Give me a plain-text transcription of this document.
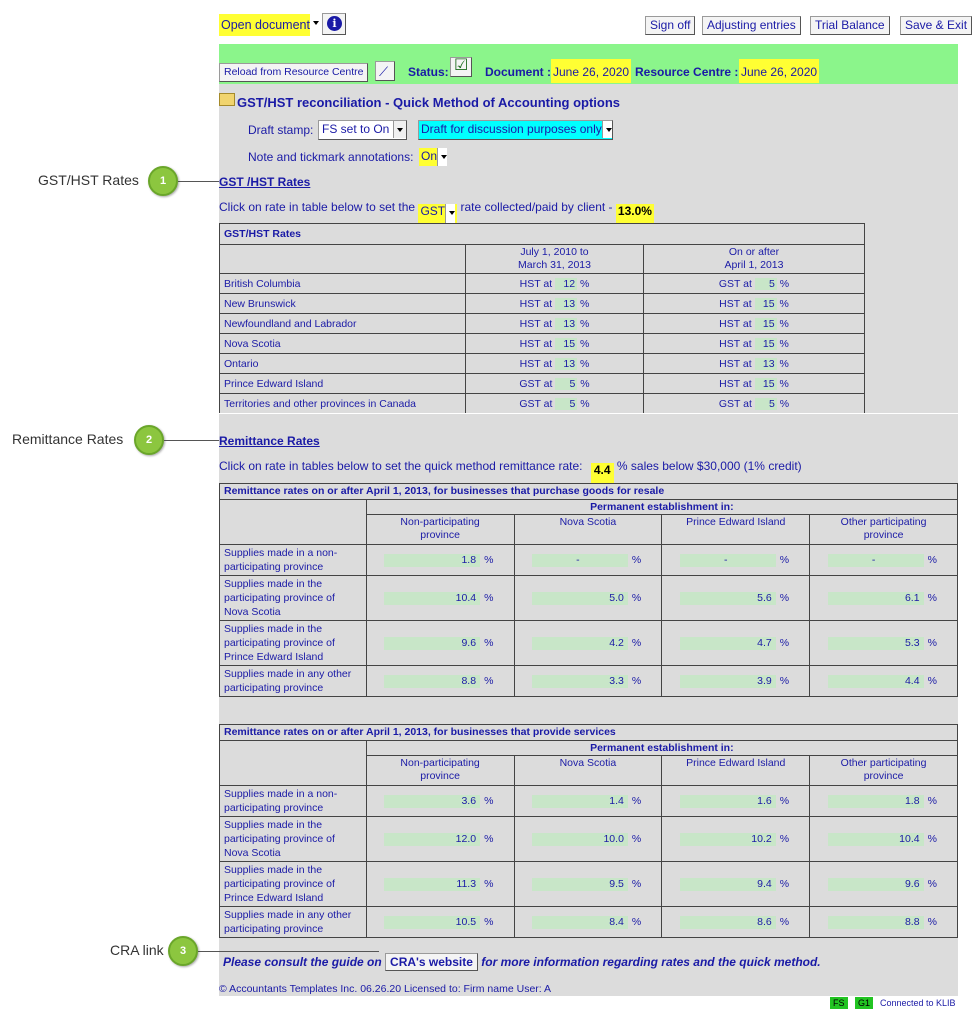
Open document	i	Sign off	Adjusting entries	Trial Balance	Save & Exit
Reload from Resource Centre	⟋ Status: ☑ Document : June 26, 2020 Resource Centre : June 26, 2020
GST/HST reconciliation - Quick Method of Accounting options
Draft stamp: FS set to On	Draft for discussion purposes only
Note and tickmark annotations: On
GST /HST Rates
Click on rate in table below to set the GST rate collected/paid by client - 13.0%
GST/HST Rates		
	July 1, 2010 to
March 31, 2013	On or after
April 1, 2013
British Columbia	HST at 12 %	GST at 5 %
New Brunswick	HST at 13 %	HST at 15 %
Newfoundland and Labrador	HST at 13 %	HST at 15 %
Nova Scotia	HST at 15 %	HST at 15 %
Ontario	HST at 13 %	HST at 13 %
Prince Edward Island	GST at 5 %	HST at 15 %
Territories and other provinces in Canada	GST at 5 %	GST at 5 %
Remittance Rates
Click on rate in tables below to set the quick method remittance rate: 4.4 % sales below $30,000 (1% credit)
Remittance rates on or after April 1, 2013, for businesses that purchase goods for resale				
	Permanent establishment in:			
	Non-participating
province	Nova Scotia	Prince Edward Island	Other participating
province
Supplies made in a non-
participating province	1.8 %	- %	- %	- %
Supplies made in the
participating province of
Nova Scotia	10.4 %	5.0 %	5.6 %	6.1 %
Supplies made in the
participating province of
Prince Edward Island	9.6 %	4.2 %	4.7 %	5.3 %
Supplies made in any other
participating province	8.8 %	3.3 %	3.9 %	4.4 %
Remittance rates on or after April 1, 2013, for businesses that provide services				
	Permanent establishment in:			
	Non-participating
province	Nova Scotia	Prince Edward Island	Other participating
province
Supplies made in a non-
participating province	3.6 %	1.4 %	1.6 %	1.8 %
Supplies made in the
participating province of
Nova Scotia	12.0 %	10.0 %	10.2 %	10.4 %
Supplies made in the
participating province of
Prince Edward Island	11.3 %	9.5 %	9.4 %	9.6 %
Supplies made in any other
participating province	10.5 %	8.4 %	8.6 %	8.8 %
Please consult the guide on CRA's website for more information regarding rates and the quick method.
© Accountants Templates Inc. 06.26.20 Licensed to: Firm name User: A
FS	G1	Connected to KLIB
GST/HST Rates	1
Remittance Rates	2
CRA link	3
